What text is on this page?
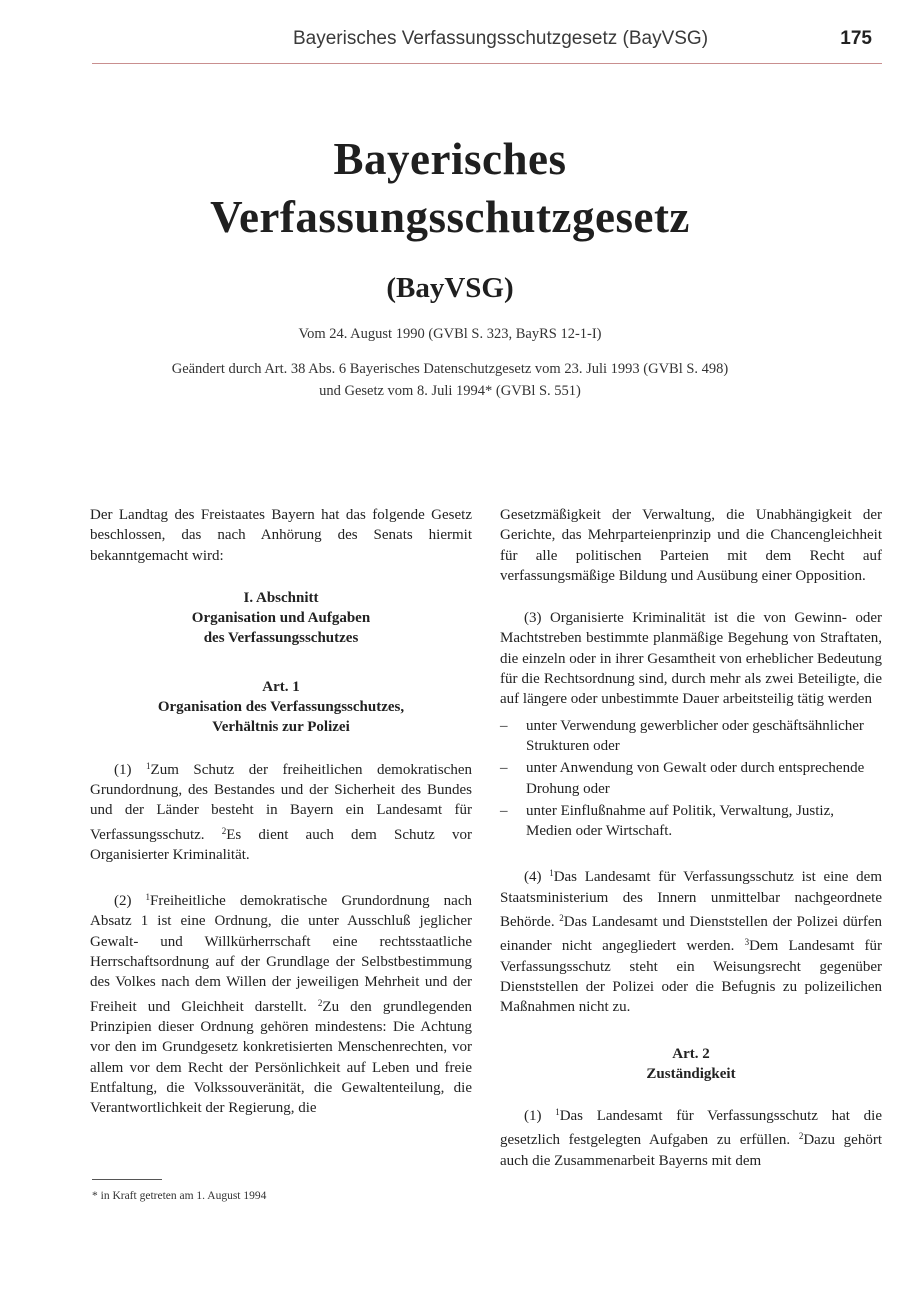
Bayerisches Verfassungsschutzgesetz (BayVSG)	175
Bayerisches
Verfassungsschutzgesetz
(BayVSG)
Vom 24. August 1990 (GVBl S. 323, BayRS 12-1-I)
Geändert durch Art. 38 Abs. 6 Bayerisches Datenschutzgesetz vom 23. Juli 1993 (GVBl S. 498)
und Gesetz vom 8. Juli 1994* (GVBl S. 551)

Der Landtag des Freistaates Bayern hat das folgende Gesetz beschlossen, das nach Anhörung des Senats hiermit bekanntgemacht wird:

I. Abschnitt
Organisation und Aufgaben
des Verfassungsschutzes
Art. 1
Organisation des Verfassungsschutzes,
Verhältnis zur Polizei

(1) $^1$Zum Schutz der freiheitlichen demokratischen Grundordnung, des Bestandes und der Sicherheit des Bundes und der Länder besteht in Bayern ein Landesamt für Verfassungsschutz. $^2$Es dient auch dem Schutz vor Organisierter Kriminalität.

(2) $^1$Freiheitliche demokratische Grundordnung nach Absatz 1 ist eine Ordnung, die unter Ausschluß jeglicher Gewalt- und Willkürherrschaft eine rechtsstaatliche Herrschaftsordnung auf der Grundlage der Selbstbestimmung des Volkes nach dem Willen der jeweiligen Mehrheit und der Freiheit und Gleichheit darstellt. $^2$Zu den grundlegenden Prinzipien dieser Ordnung gehören mindestens: Die Achtung vor den im Grundgesetz konkretisierten Menschenrechten, vor allem vor dem Recht der Persönlichkeit auf Leben und freie Entfaltung, die Volkssouveränität, die Gewaltenteilung, die Verantwortlichkeit der Regierung, die

Gesetzmäßigkeit der Verwaltung, die Unabhängigkeit der Gerichte, das Mehrparteienprinzip und die Chancengleichheit für alle politischen Parteien mit dem Recht auf verfassungsmäßige Bildung und Ausübung einer Opposition.

(3) Organisierte Kriminalität ist die von Gewinn- oder Machtstreben bestimmte planmäßige Begehung von Straftaten, die einzeln oder in ihrer Gesamtheit von erheblicher Bedeutung für die Rechtsordnung sind, durch mehr als zwei Beteiligte, die auf längere oder unbestimmte Dauer arbeitsteilig tätig werden

– unter Verwendung gewerblicher oder geschäftsähnlicher Strukturen oder
– unter Anwendung von Gewalt oder durch entsprechende Drohung oder
– unter Einflußnahme auf Politik, Verwaltung, Justiz, Medien oder Wirtschaft.

(4) $^1$Das Landesamt für Verfassungsschutz ist eine dem Staatsministerium des Innern unmittelbar nachgeordnete Behörde. $^2$Das Landesamt und Dienststellen der Polizei dürfen einander nicht angegliedert werden. $^3$Dem Landesamt für Verfassungsschutz steht ein Weisungsrecht gegenüber Dienststellen der Polizei oder die Befugnis zu polizeilichen Maßnahmen nicht zu.

Art. 2
Zuständigkeit

(1) $^1$Das Landesamt für Verfassungsschutz hat die gesetzlich festgelegten Aufgaben zu erfüllen. $^2$Dazu gehört auch die Zusammenarbeit Bayerns mit dem

* in Kraft getreten am 1. August 1994
